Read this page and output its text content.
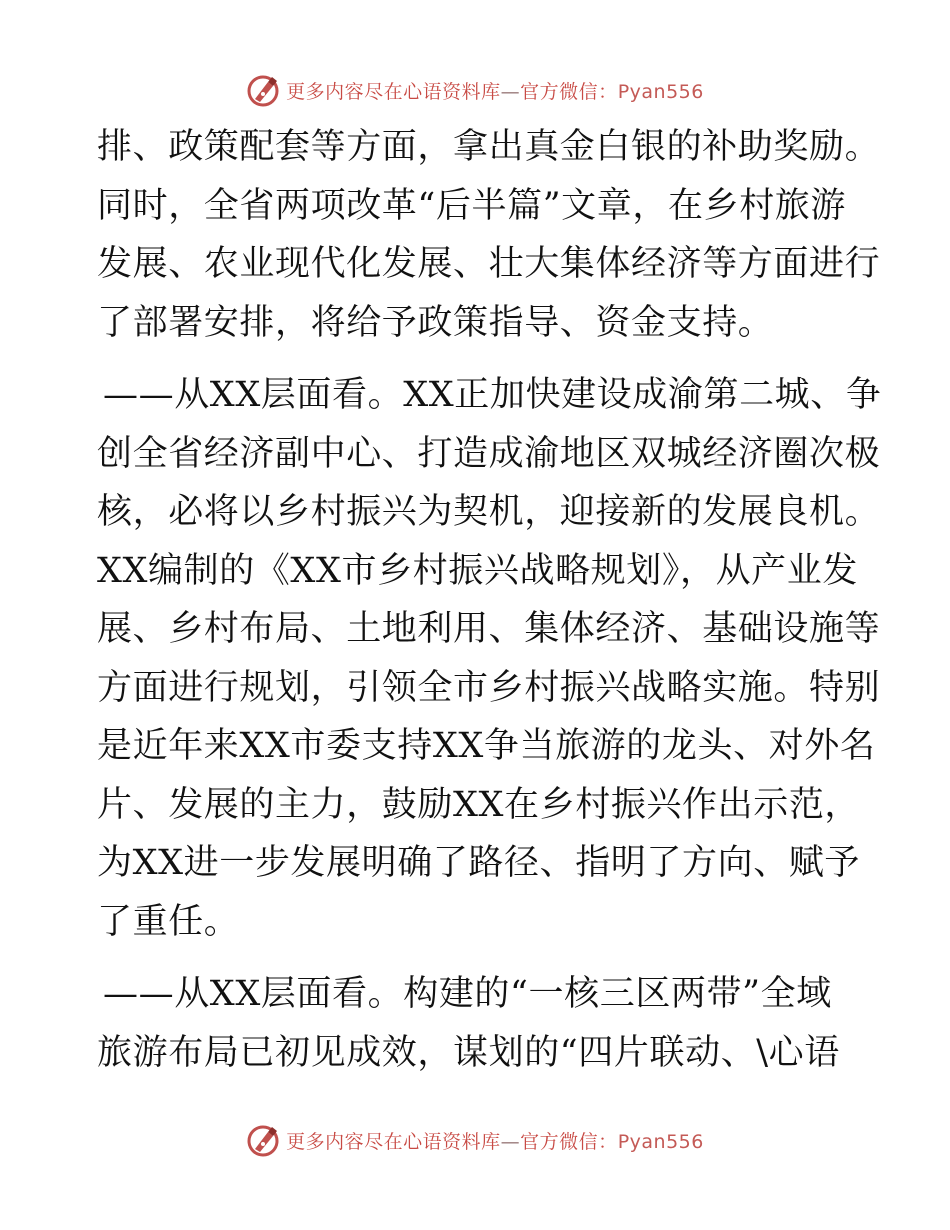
更多内容尽在心语资料库—官方微信：Pyan556
排、政策配套等方面，拿出真金白银的补助奖励。
同时，全省两项改革“后半篇”文章，在乡村旅游
发展、农业现代化发展、壮大集体经济等方面进行
了部署安排，将给予政策指导、资金支持。
——从XX层面看。XX正加快建设成渝第二城、争
创全省经济副中心、打造成渝地区双城经济圈次极
核，必将以乡村振兴为契机，迎接新的发展良机。
XX编制的《XX市乡村振兴战略规划》，从产业发
展、乡村布局、土地利用、集体经济、基础设施等
方面进行规划，引领全市乡村振兴战略实施。特别
是近年来XX市委支持XX争当旅游的龙头、对外名
片、发展的主力，鼓励XX在乡村振兴作出示范，
为XX进一步发展明确了路径、指明了方向、赋予
了重任。
——从XX层面看。构建的“一核三区两带”全域
旅游布局已初见成效，谋划的“四片联动、\心语
更多内容尽在心语资料库—官方微信：Pyan556
